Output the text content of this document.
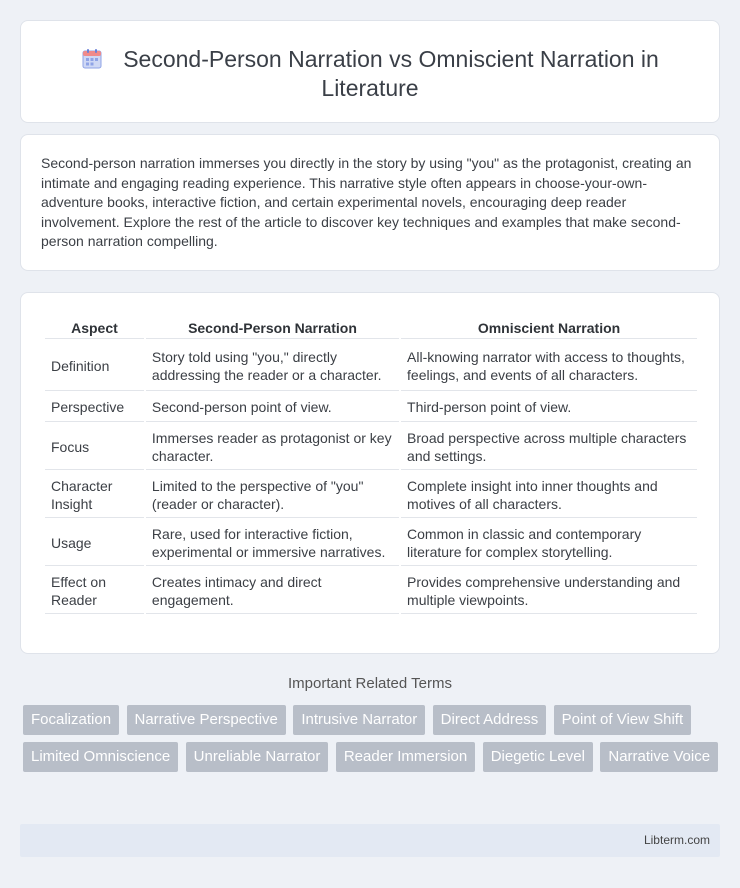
Second-Person Narration vs Omniscient Narration in Literature

Second-person narration immerses you directly in the story by using "you" as the protagonist, creating an intimate and engaging reading experience. This narrative style often appears in choose-your-own-adventure books, interactive fiction, and certain experimental novels, encouraging deep reader involvement. Explore the rest of the article to discover key techniques and examples that make second-person narration compelling.

Aspect	Second-Person Narration	Omniscient Narration
Definition	Story told using "you," directly addressing the reader or a character.	All-knowing narrator with access to thoughts, feelings, and events of all characters.
Perspective	Second-person point of view.	Third-person point of view.
Focus	Immerses reader as protagonist or key character.	Broad perspective across multiple characters and settings.
Character Insight	Limited to the perspective of "you" (reader or character).	Complete insight into inner thoughts and motives of all characters.
Usage	Rare, used for interactive fiction, experimental or immersive narratives.	Common in classic and contemporary literature for complex storytelling.
Effect on Reader	Creates intimacy and direct engagement.	Provides comprehensive understanding and multiple viewpoints.
Important Related Terms
Focalization Narrative Perspective Intrusive Narrator Direct Address Point of View Shift Limited Omniscience Unreliable Narrator Reader Immersion Diegetic Level Narrative Voice
Libterm.com
